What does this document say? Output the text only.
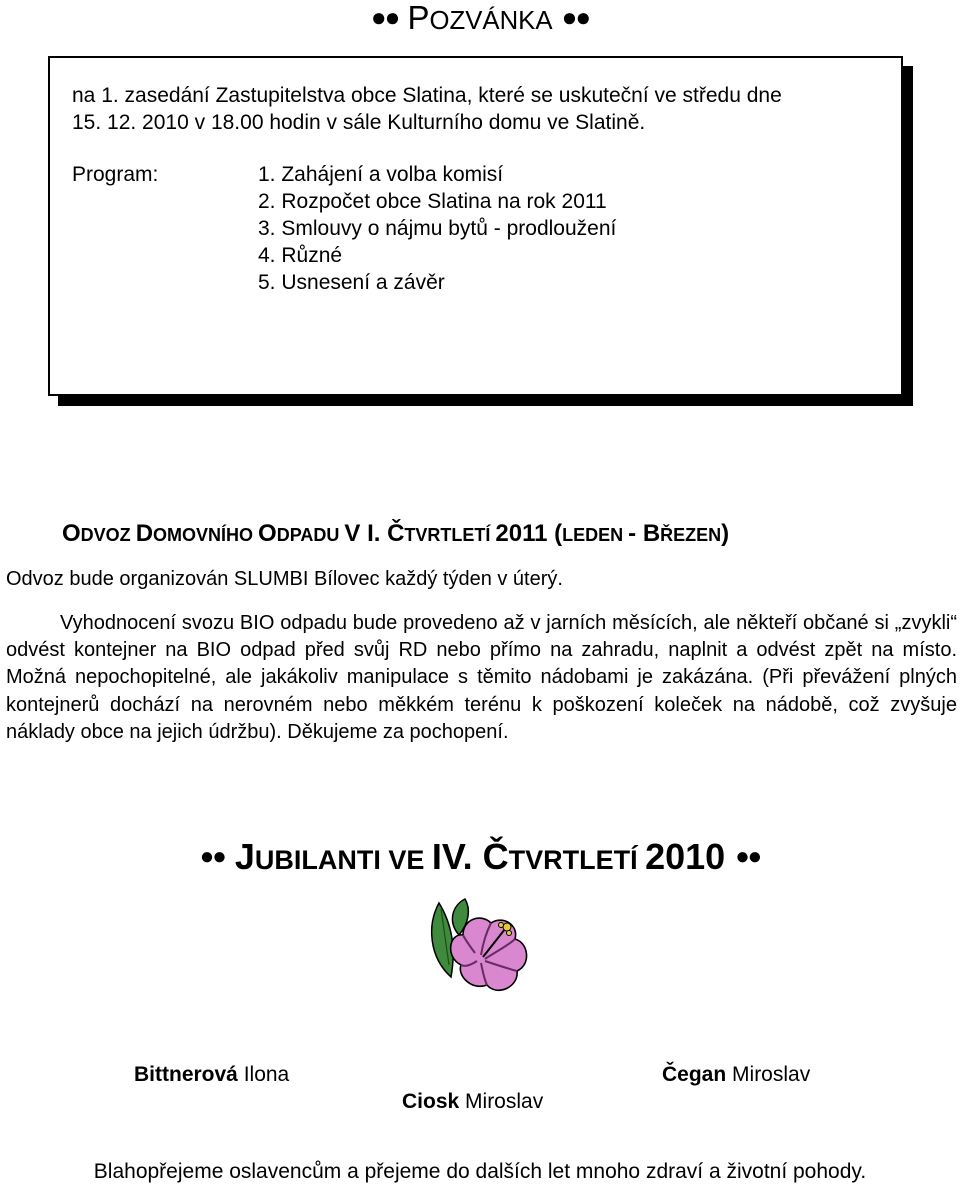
●● POZVÁNKA ●●
na 1. zasedání Zastupitelstva obce Slatina, které se uskuteční ve středu dne
15. 12. 2010 v 18.00 hodin v sále Kulturního domu ve Slatině.
Program:	1. Zahájení a volba komisí
2. Rozpočet obce Slatina na rok 2011
3. Smlouvy o nájmu bytů - prodloužení
4. Různé
5. Usnesení a závěr
ODVOZ DOMOVNÍHO ODPADU V I. ČTVRTLETÍ 2011 (LEDEN - BŘEZEN)
Odvoz bude organizován SLUMBI Bílovec každý týden v úterý.
Vyhodnocení svozu BIO odpadu bude provedeno až v jarních měsících, ale někteří občané si „zvykli“ odvést kontejner na BIO odpad před svůj RD nebo přímo na zahradu, naplnit a odvést zpět na místo. Možná nepochopitelné, ale jakákoliv manipulace s těmito nádobami je zakázána. (Při převážení plných kontejnerů dochází na nerovném nebo měkkém terénu k poškození koleček na nádobě, což zvyšuje náklady obce na jejich údržbu). Děkujeme za pochopení.
●● JUBILANTI VE IV. ČTVRTLETÍ 2010 ●●
Bittnerová Ilona	Čegan Miroslav
Ciosk Miroslav
Blahopřejeme oslavencům a přejeme do dalších let mnoho zdraví a životní pohody.
